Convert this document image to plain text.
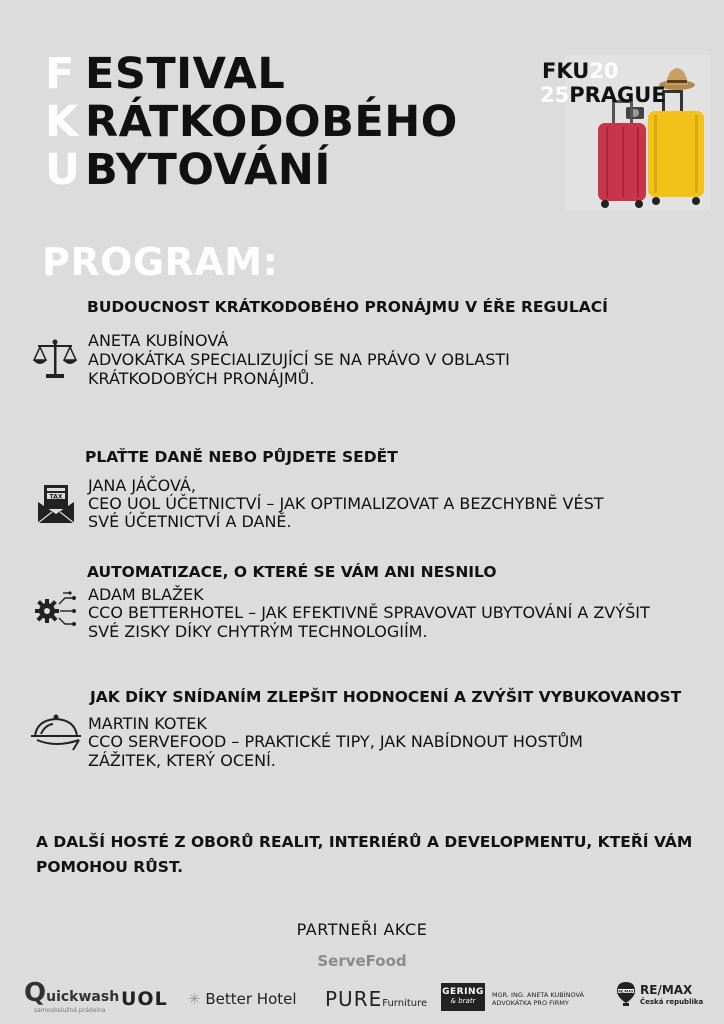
F ESTIVAL
K RÁTKODOBÉHO
U BYTOVÁNÍ
FKU20
25PRAGUE
PROGRAM:
BUDOUCNOST KRÁTKODOBÉHO PRONÁJMU V ÉŘE REGULACÍ
ANETA KUBÍNOVÁ
ADVOKÁTKA SPECIALIZUJÍCÍ SE NA PRÁVO V OBLASTI
KRÁTKODOBÝCH PRONÁJMŮ.
PLAŤTE DANĚ NEBO PŮJDETE SEDĚT
TAX
JANA JÁČOVÁ,
CEO UOL ÚČETNICTVÍ – JAK OPTIMALIZOVAT A BEZCHYBNĚ VÉST
SVÉ ÚČETNICTVÍ A DANĚ.
AUTOMATIZACE, O KTERÉ SE VÁM ANI NESNILO
ADAM BLAŽEK
CCO BETTERHOTEL – JAK EFEKTIVNĚ SPRAVOVAT UBYTOVÁNÍ A ZVÝŠIT
SVÉ ZISKY DÍKY CHYTRÝM TECHNOLOGIÍM.
JAK DÍKY SNÍDANÍM ZLEPŠIT HODNOCENÍ A ZVÝŠIT VYBUKOVANOST
MARTIN KOTEK
CCO SERVEFOOD – PRAKTICKÉ TIPY, JAK NABÍDNOUT HOSTŮM
ZÁŽITEK, KTERÝ OCENÍ.
A DALŠÍ HOSTÉ Z OBORŮ REALIT, INTERIÉRŮ A DEVELOPMENTU, KTEŘÍ VÁM POMOHOU RŮST.
PARTNEŘI AKCE
ServeFood
Quickwash
samoobslužná prádelna
UOL ✳ Better Hotel PUREFurniture
GERING
& bratr
MGR. ING. ANETA KUBÍNOVÁ
ADVOKÁTKA PRO FIRMY
RE/MAX RE/MAX
Česká republika
